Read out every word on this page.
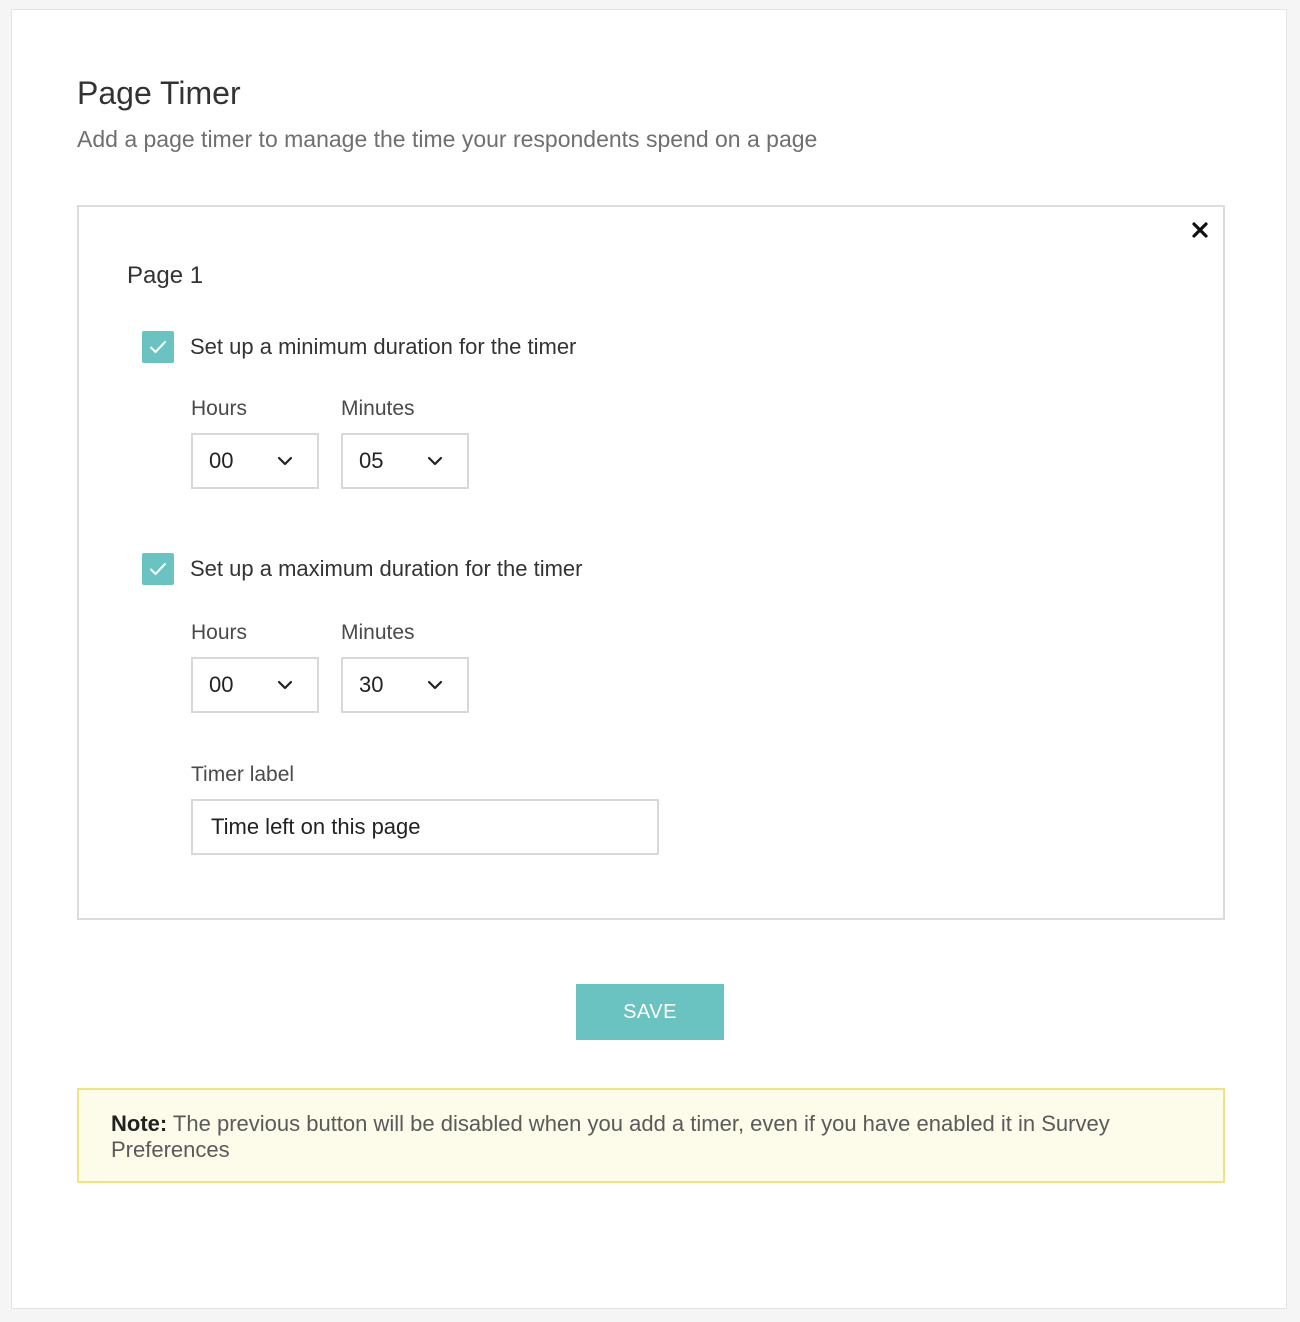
Page Timer
Add a page timer to manage the time your respondents spend on a page
Page 1
Set up a minimum duration for the timer
Hours	Minutes
00	05
Set up a maximum duration for the timer
Hours	Minutes
00	30
Timer label
Time left on this page
SAVE
Note: The previous button will be disabled when you add a timer, even if you have enabled it in Survey Preferences
